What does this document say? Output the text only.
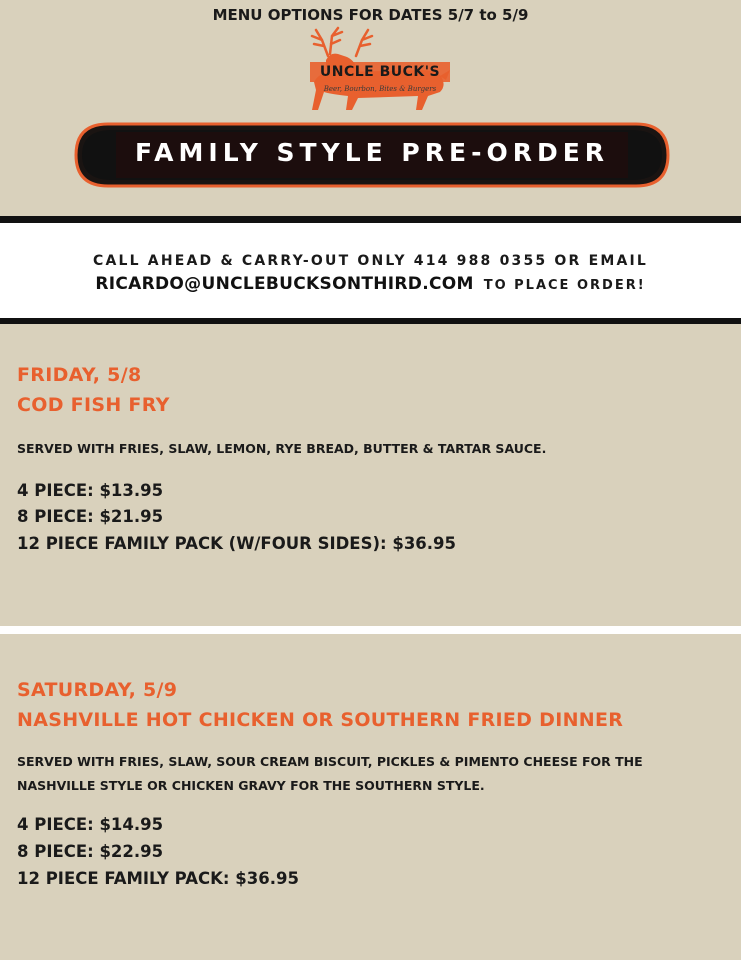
MENU OPTIONS FOR DATES 5/7 to 5/9
UNCLE BUCK'S
Beer, Bourbon, Bites & Burgers
FAMILY STYLE PRE-ORDER
CALL AHEAD & CARRY-OUT ONLY 414 988 0355 OR EMAIL
RICARDO@UNCLEBUCKSONTHIRD.COM TO PLACE ORDER!
FRIDAY, 5/8
COD FISH FRY
SERVED WITH FRIES, SLAW, LEMON, RYE BREAD, BUTTER & TARTAR SAUCE.
4 PIECE: $13.95
8 PIECE: $21.95
12 PIECE FAMILY PACK (W/FOUR SIDES): $36.95
SATURDAY, 5/9
NASHVILLE HOT CHICKEN OR SOUTHERN FRIED DINNER
SERVED WITH FRIES, SLAW, SOUR CREAM BISCUIT, PICKLES & PIMENTO CHEESE FOR THE
NASHVILLE STYLE OR CHICKEN GRAVY FOR THE SOUTHERN STYLE.
4 PIECE: $14.95
8 PIECE: $22.95
12 PIECE FAMILY PACK: $36.95
